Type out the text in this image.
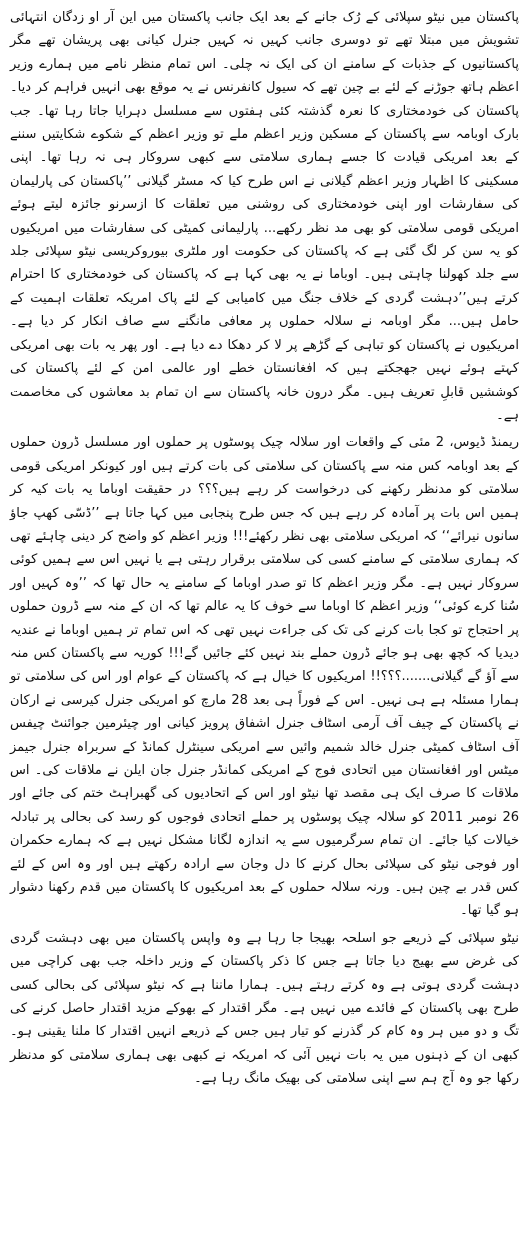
پاکستان میں نیٹو سپلائی کے رُک جانے کے بعد ایک جانب پاکستان میں این آر او زدگان انتہائی تشویش میں مبتلا تھے تو دوسری جانب کہیں نہ کہیں جنرل کیانی بھی پریشان تھے مگر پاکستانیوں کے جذبات کے سامنے ان کی ایک نہ چلی۔ اس تمام منظر نامے میں ہمارے وزیر اعظم ہاتھ جوڑنے کے لئے بے چین تھے کہ سیول کانفرنس نے یہ موقع بھی انہیں فراہم کر دیا۔ پاکستان کی خودمختاری کا نعرہ گذشتہ کئی ہفتوں سے مسلسل دہرایا جاتا رہا تھا۔ جب بارک اوبامہ سے پاکستان کے مسکین وزیر اعظم ملے تو وزیر اعظم کے شکوے شکایتیں سننے کے بعد امریکی قیادت کا جسے ہماری سلامتی سے کبھی سروکار ہی نہ رہا تھا۔ اپنی مسکینی کا اظہار وزیر اعظم گیلانی نے اس طرح کیا کہ مسٹر گیلانی ’’پاکستان کی پارلیمان کی سفارشات اور اپنی خودمختاری کی روشنی میں تعلقات کا ازسرنو جائزہ لیتے ہوئے امریکی قومی سلامتی کو بھی مد نظر رکھے... پارلیمانی کمیٹی کی سفارشات میں امریکیوں کو یہ سن کر لگ گئی ہے کہ پاکستان کی حکومت اور ملٹری بیوروکریسی نیٹو سپلائی جلد سے جلد کھولنا چاہتی ہیں۔ اوباما نے یہ بھی کہا ہے کہ پاکستان کی خودمختاری کا احترام کرتے ہیں’’دہشت گردی کے خلاف جنگ میں کامیابی کے لئے پاک امریکہ تعلقات اہمیت کے حامل ہیں... مگر اوبامہ نے سلالہ حملوں پر معافی مانگنے سے صاف انکار کر دیا ہے۔ امریکیوں نے پاکستان کو تباہی کے گڑھے پر لا کر دھکا دے دیا ہے۔ اور پھر یہ بات بھی امریکی کہتے ہوئے نہیں جھجکتے ہیں کہ افغانستان خطے اور عالمی امن کے لئے پاکستان کی کوششیں قابلِ تعریف ہیں۔ مگر درون خانہ پاکستان سے ان تمام بد معاشوں کی مخاصمت ہے۔

ریمنڈ ڈیوس، 2 مئی کے واقعات اور سلالہ چیک پوسٹوں پر حملوں اور مسلسل ڈرون حملوں کے بعد اوبامہ کس منہ سے پاکستان کی سلامتی کی بات کرتے ہیں اور کیونکر امریکی قومی سلامتی کو مدنظر رکھنے کی درخواست کر رہے ہیں؟؟؟ در حقیقت اوباما یہ بات کیہ کر ہمیں اس بات پر آمادہ کر رہے ہیں کہ جس طرح پنجابی میں کہا جاتا ہے ’’ڈسّی کھپ جاؤ سانوں نیرائے‘‘ کہ امریکی سلامتی بھی نظر رکھئے!!! وزیر اعظم کو واضح کر دینی چاہئے تھی کہ ہماری سلامتی کے سامنے کسی کی سلامتی برقرار رہتی ہے یا نہیں اس سے ہمیں کوئی سروکار نہیں ہے۔ مگر وزیر اعظم کا تو صدر اوباما کے سامنے یہ حال تھا کہ ’’وہ کہیں اور سُنا کرے کوئی‘‘ وزیر اعظم کا اوباما سے خوف کا یہ عالم تھا کہ ان کے منہ سے ڈرون حملوں پر احتجاج تو کجا بات کرنے کی تک کی جراءت نہیں تھی کہ اس تمام تر ہمیں اوباما نے عندیہ دیدیا کہ کچھ بھی ہو جائے ڈرون حملے بند نہیں کئے جائیں گے!!! کوریہ سے پاکستان کس منہ سے آؤ گے گیلانی.......؟؟؟!! امریکیوں کا خیال ہے کہ پاکستان کے عوام اور اس کی سلامتی تو ہمارا مسئلہ ہے ہی نہیں۔ اس کے فوراً ہی بعد 28 مارچ کو امریکی جنرل کیرسی نے ارکان نے پاکستان کے چیف آف آرمی اسٹاف جنرل اشفاق پرویز کیانی اور چیئرمین جوائنٹ چیفس آف اسٹاف کمیٹی جنرل خالد شمیم وائیں سے امریکی سینٹرل کمانڈ کے سربراہ جنرل جیمز میٹس اور افغانستان میں اتحادی فوج کے امریکی کمانڈر جنرل جان ایلن نے ملاقات کی۔ اس ملاقات کا صرف ایک ہی مقصد تھا نیٹو اور اس کے اتحادیوں کی گھبراہٹ ختم کی جائے اور 26 نومبر 2011 کو سلالہ چیک پوسٹوں پر حملے اتحادی فوجوں کو رسد کی بحالی پر تبادلہ خیالات کیا جائے۔ ان تمام سرگرمیوں سے یہ اندازہ لگانا مشکل نہیں ہے کہ ہمارے حکمران اور فوجی نیٹو کی سپلائی بحال کرنے کا دل وجان سے ارادہ رکھتے ہیں اور وہ اس کے لئے کس قدر بے چین ہیں۔ ورنہ سلالہ حملوں کے بعد امریکیوں کا پاکستان میں قدم رکھنا دشوار ہو گیا تھا۔

نیٹو سپلائی کے ذریعے جو اسلحہ بھیجا جا رہا ہے وہ واپس پاکستان میں بھی دہشت گردی کی غرض سے بھیج دیا جاتا ہے جس کا ذکر پاکستان کے وزیر داخلہ جب بھی کراچی میں دہشت گردی ہوتی ہے وہ کرتے رہتے ہیں۔ ہمارا ماننا ہے کہ نیٹو سپلائی کی بحالی کسی طرح بھی پاکستان کے فائدے میں نہیں ہے۔ مگر اقتدار کے بھوکے مزید اقتدار حاصل کرنے کی تگ و دو میں ہر وہ کام کر گذرنے کو تیار ہیں جس کے ذریعے انہیں اقتدار کا ملنا یقینی ہو۔ کبھی ان کے ذہنوں میں یہ بات نہیں آئی کہ امریکہ نے کبھی بھی ہماری سلامتی کو مدنظر رکھا جو وہ آج ہم سے اپنی سلامتی کی بھیک مانگ رہا ہے۔
